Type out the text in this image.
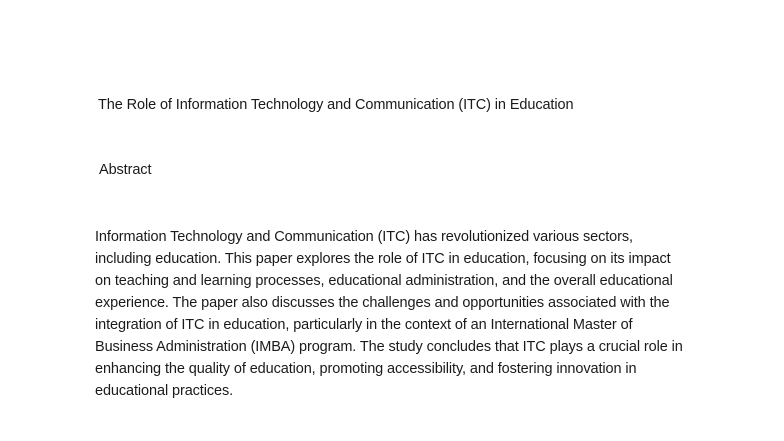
The Role of Information Technology and Communication (ITC) in Education
Abstract
Information Technology and Communication (ITC) has revolutionized various sectors,
including education. This paper explores the role of ITC in education, focusing on its impact
on teaching and learning processes, educational administration, and the overall educational
experience. The paper also discusses the challenges and opportunities associated with the
integration of ITC in education, particularly in the context of an International Master of
Business Administration (IMBA) program. The study concludes that ITC plays a crucial role in
enhancing the quality of education, promoting accessibility, and fostering innovation in
educational practices.
